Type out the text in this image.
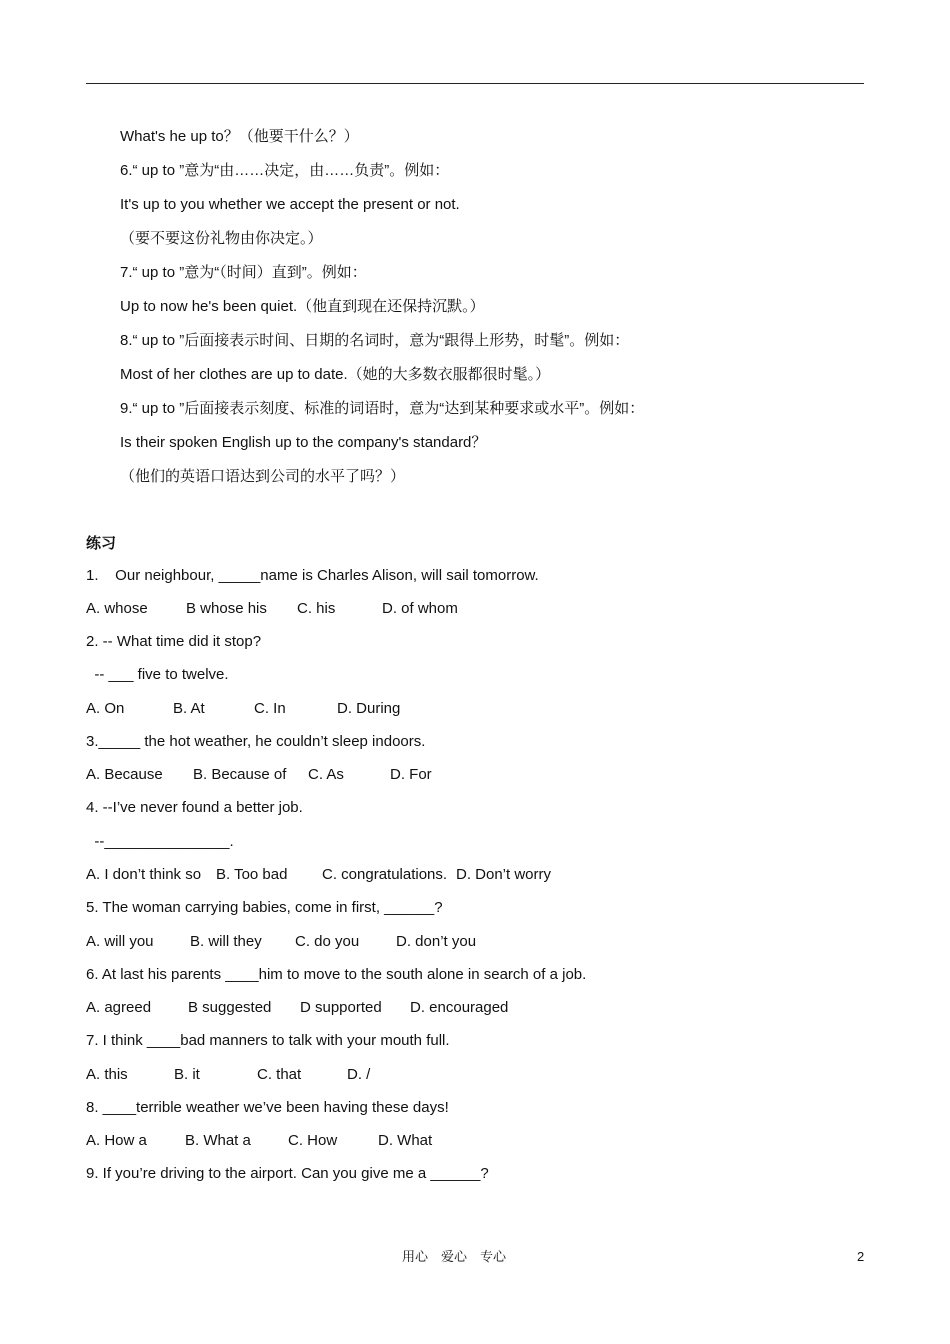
What's he up to？（他要干什么？）
6.“ up to ”意为“由……决定，由……负责”。例如：
It's up to you whether we accept the present or not.
（要不要这份礼物由你决定。）
7.“ up to ”意为“（时间）直到”。例如：
Up to now he's been quiet.（他直到现在还保持沉默。）
8.“ up to ”后面接表示时间、日期的名词时，意为“跟得上形势，时髦”。例如：
Most of her clothes are up to date.（她的大多数衣服都很时髦。）
9.“ up to ”后面接表示刻度、标准的词语时，意为“达到某种要求或水平”。例如：
Is their spoken English up to the company's standard？
（他们的英语口语达到公司的水平了吗？）
练习
1.    Our neighbour, _____name is Charles Alison, will sail tomorrow.
A. whose	B whose his C. his	D. of whom
2. -- What time did it stop?
-- ___ five to twelve.
A. On	B. At	C. In	D. During
3._____ the hot weather, he couldn’t sleep indoors.
A. Because B. Because of C. As	D. For
4. --I’ve never found a better job.
--_______________.
A. I don’t think so B. Too bad C. congratulations. D. Don’t worry
5. The woman carrying babies, come in first, ______?
A. will you B. will they C. do you D. don’t you
6. At last his parents ____him to move to the south alone in search of a job.
A. agreed B suggested D supported D. encouraged
7. I think ____bad manners to talk with your mouth full.
A. this	B. it	C. that	D. /
8. ____terrible weather we’ve been having these days!
A. How a	B. What a C. How	D. What
9. If you’re driving to the airport. Can you give me a ______?
用心　爱心　专心	2
